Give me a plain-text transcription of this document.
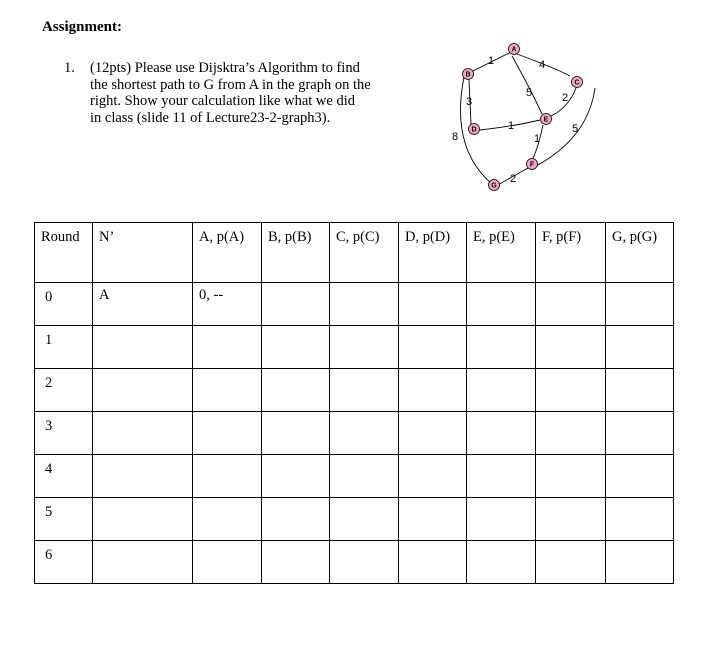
Assignment:
1. (12pts) Please use Dijsktra’s Algorithm to find
the shortest path to G from A in the graph on the
right. Show your calculation like what we did
in class (slide 11 of Lecture23-2-graph3).
1	4
5
3
8
2
5
1
1
2
A
B
C
D
E
F
G
Round	N’	A, p(A)	B, p(B)	C, p(C)	D, p(D)	E, p(E)	F, p(F)	G, p(G)
0	A	0, --						
1								
2								
3								
4								
5								
6								
